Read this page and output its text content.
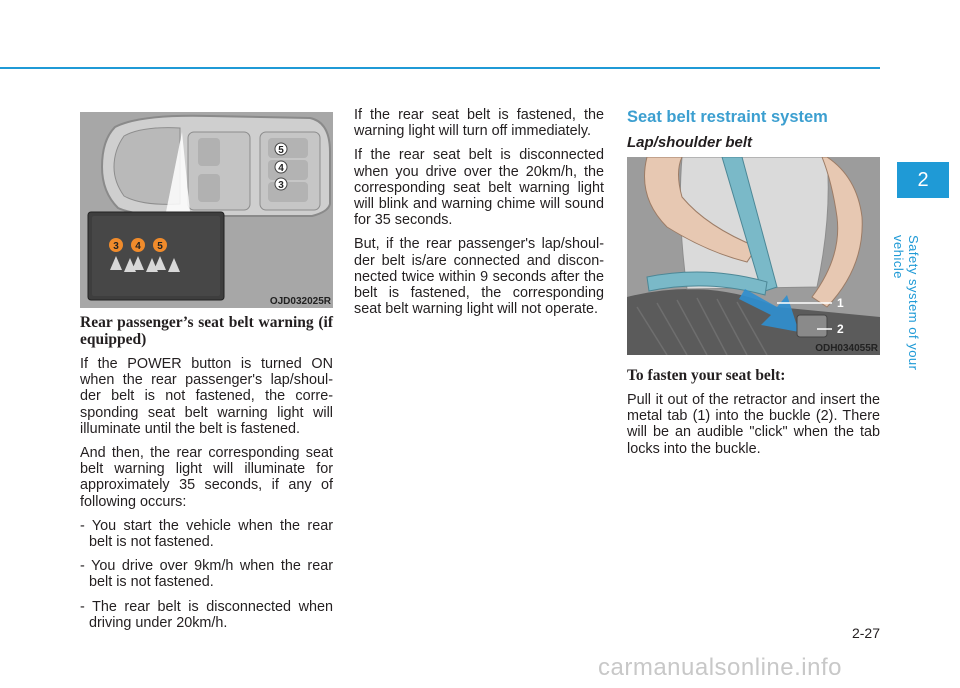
5
4
3
3 4 5
OJD032025R
Rear passenger’s seat belt warning (if equipped)

If the POWER button is turned ON when the rear passenger's lap/shoul-der belt is not fastened, the corre-sponding seat belt warning light will illuminate until the belt is fastened.

And then, the rear corresponding seat belt warning light will illuminate for approximately 35 seconds, if any of following occurs:

- You start the vehicle when the rear belt is not fastened.
- You drive over 9km/h when the rear belt is not fastened.
- The rear belt is disconnected when driving under 20km/h.

If the rear seat belt is fastened, the warning light will turn off immediately.

If the rear seat belt is disconnected when you drive over the 20km/h, the corresponding seat belt warning light will blink and warning chime will sound for 35 seconds.

But, if the rear passenger's lap/shoul-der belt is/are connected and discon-nected twice within 9 seconds after the belt is fastened, the corresponding seat belt warning light will not operate.

Seat belt restraint system
Lap/shoulder belt
1
2
ODH034055R
To fasten your seat belt:

Pull it out of the retractor and insert the metal tab (1) into the buckle (2). There will be an audible "click" when the tab locks into the buckle.

2
Safety system of your vehicle
2-27
carmanualsonline.info
